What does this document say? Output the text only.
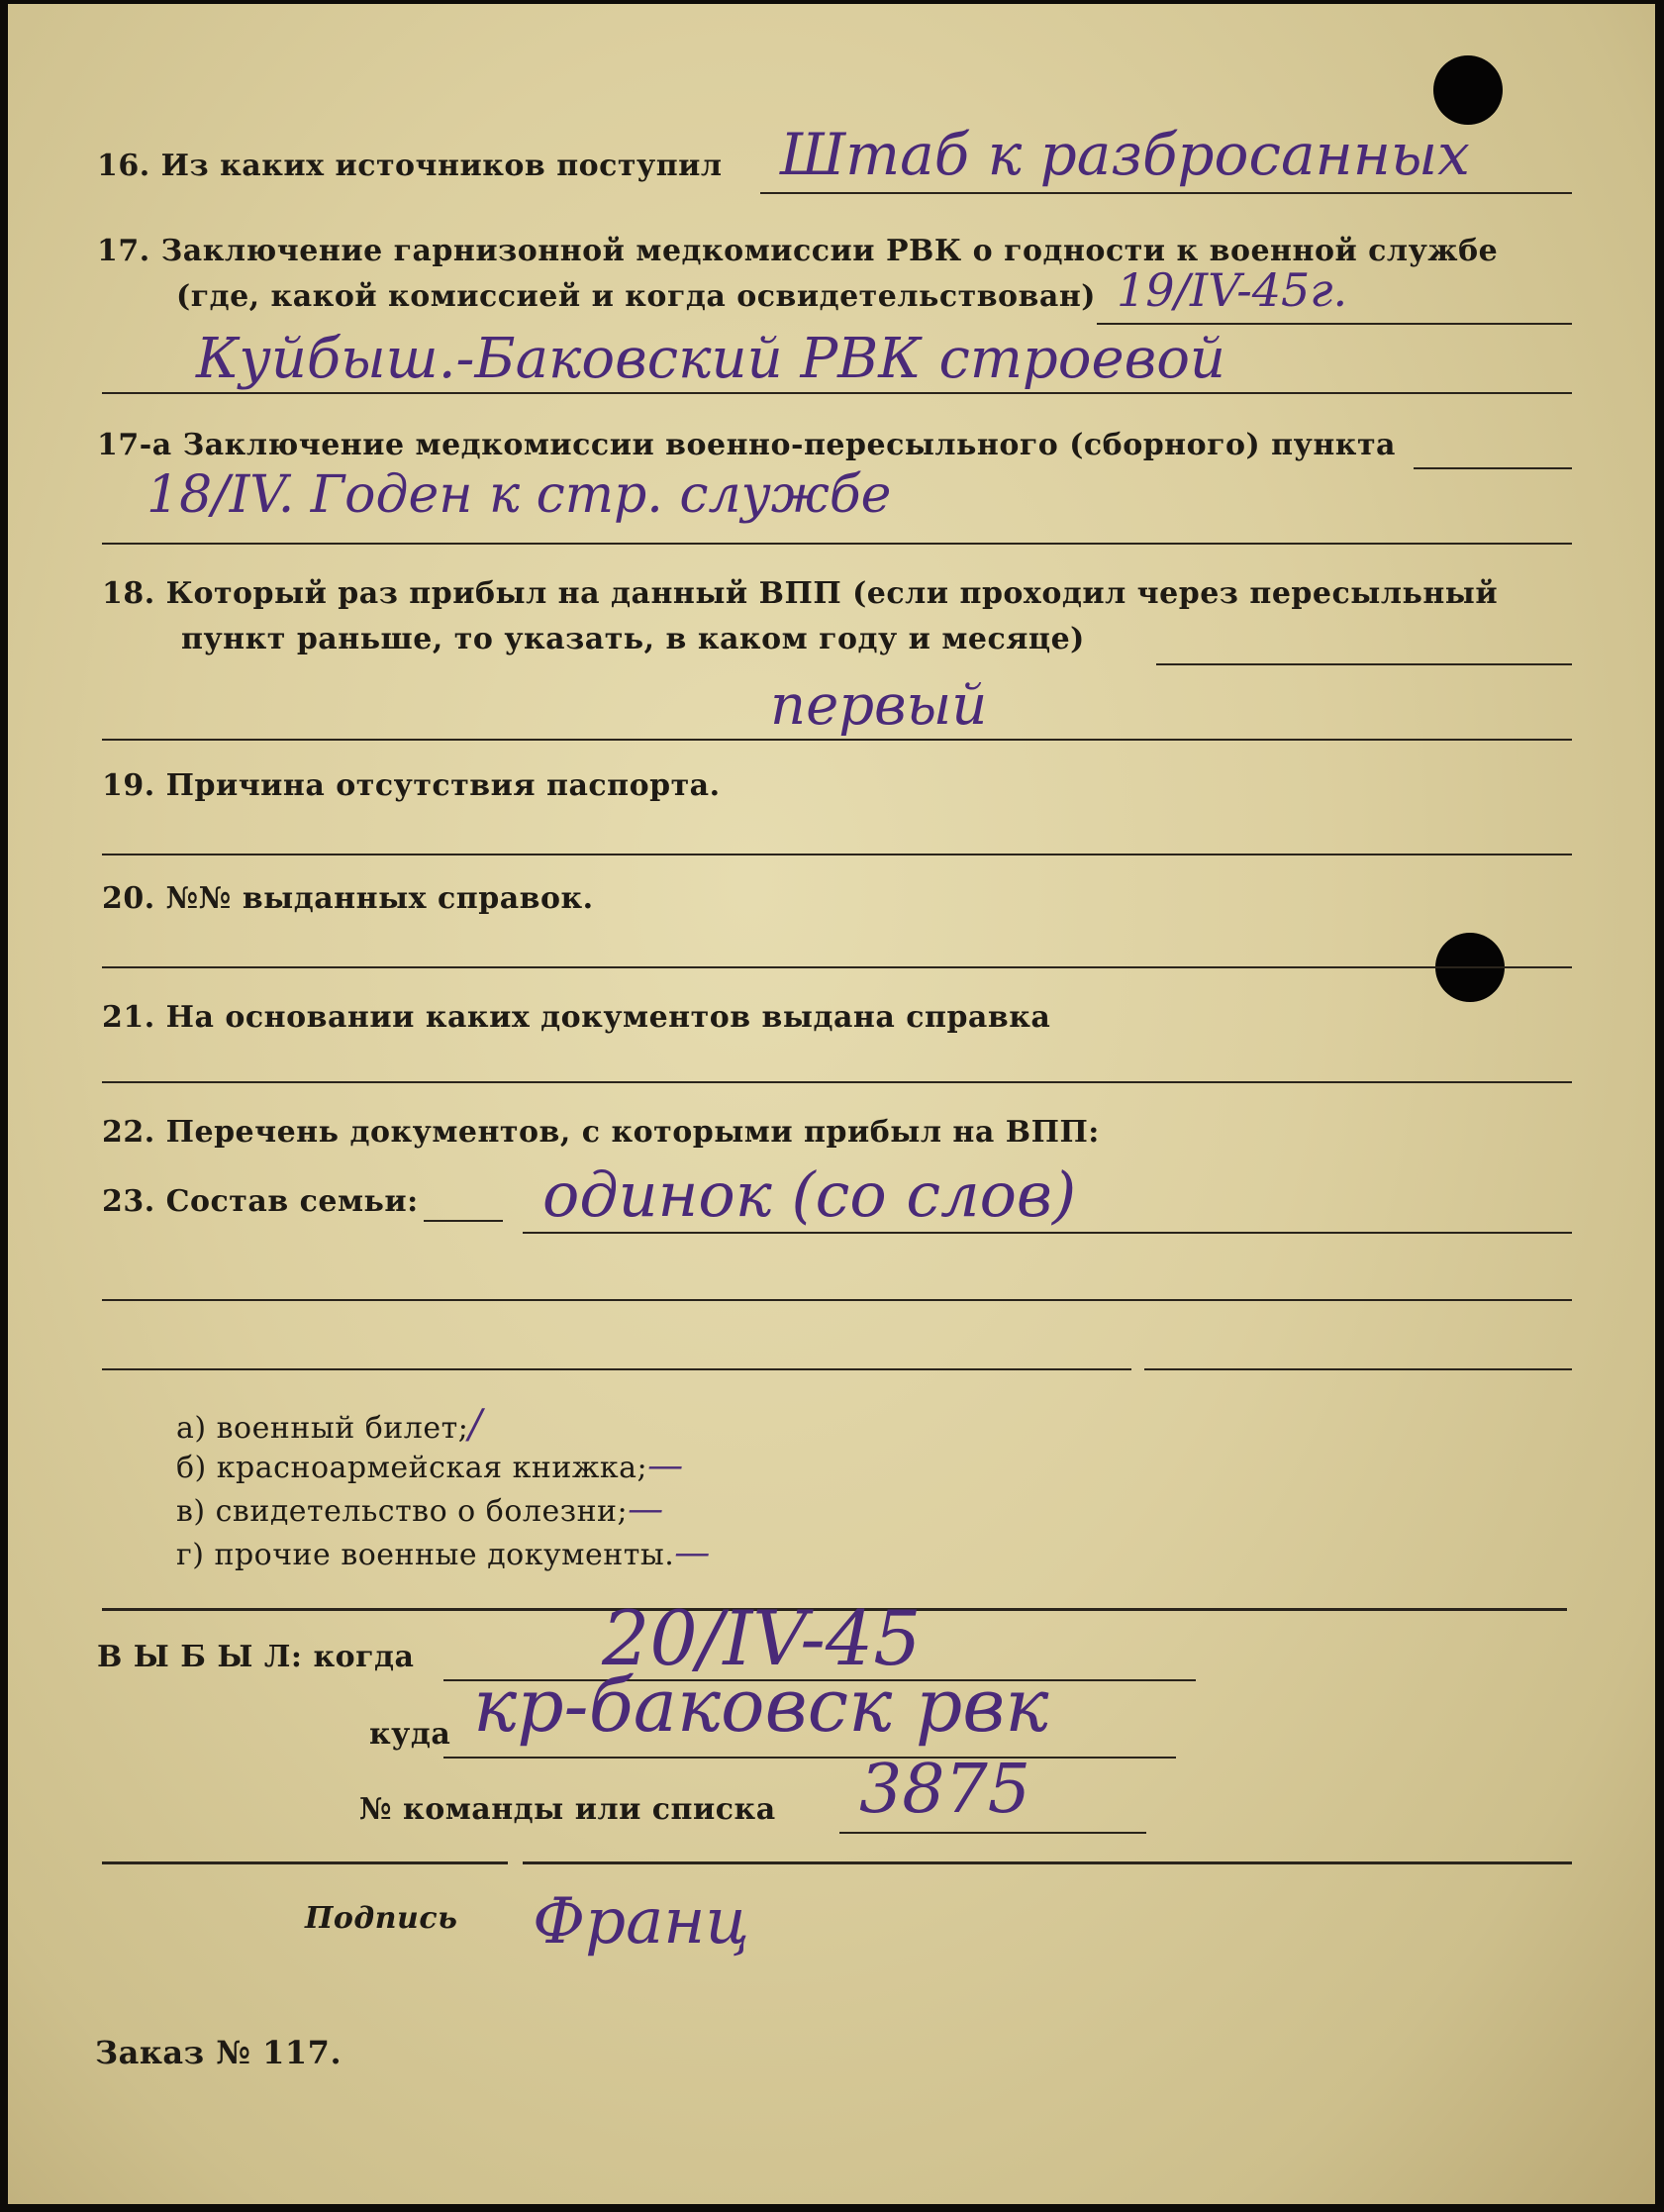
16. Из каких источников поступил Штаб к разбросанных
17. Заключение гарнизонной медкомиссии РВК о годности к военной службе
(где, какой комиссией и когда освидетельствован) 19/IV-45г.
Куйбыш.-Баковский РВК строевой
17-а Заключение медкомиссии военно-пересыльного (сборного) пункта
18/IV. Годен к стр. службе
18. Который раз прибыл на данный ВПП (если проходил через пересыльный
пункт раньше, то указать, в каком году и месяце)
первый
19. Причина отсутствия паспорта.
20. №№ выданных справок.
21. На основании каких документов выдана справка
22. Перечень документов, с которыми прибыл на ВПП:
23. Состав семьи: одинок (со слов)
а) военный билет;/
б) красноармейская книжка;—
в) свидетельство о болезни;—
г) прочие военные документы.—
В Ы Б Ы Л: когда 20/IV-45
куда кр-баковск рвк
№ команды или списка 3875
Подпись Франц
Заказ № 117.
